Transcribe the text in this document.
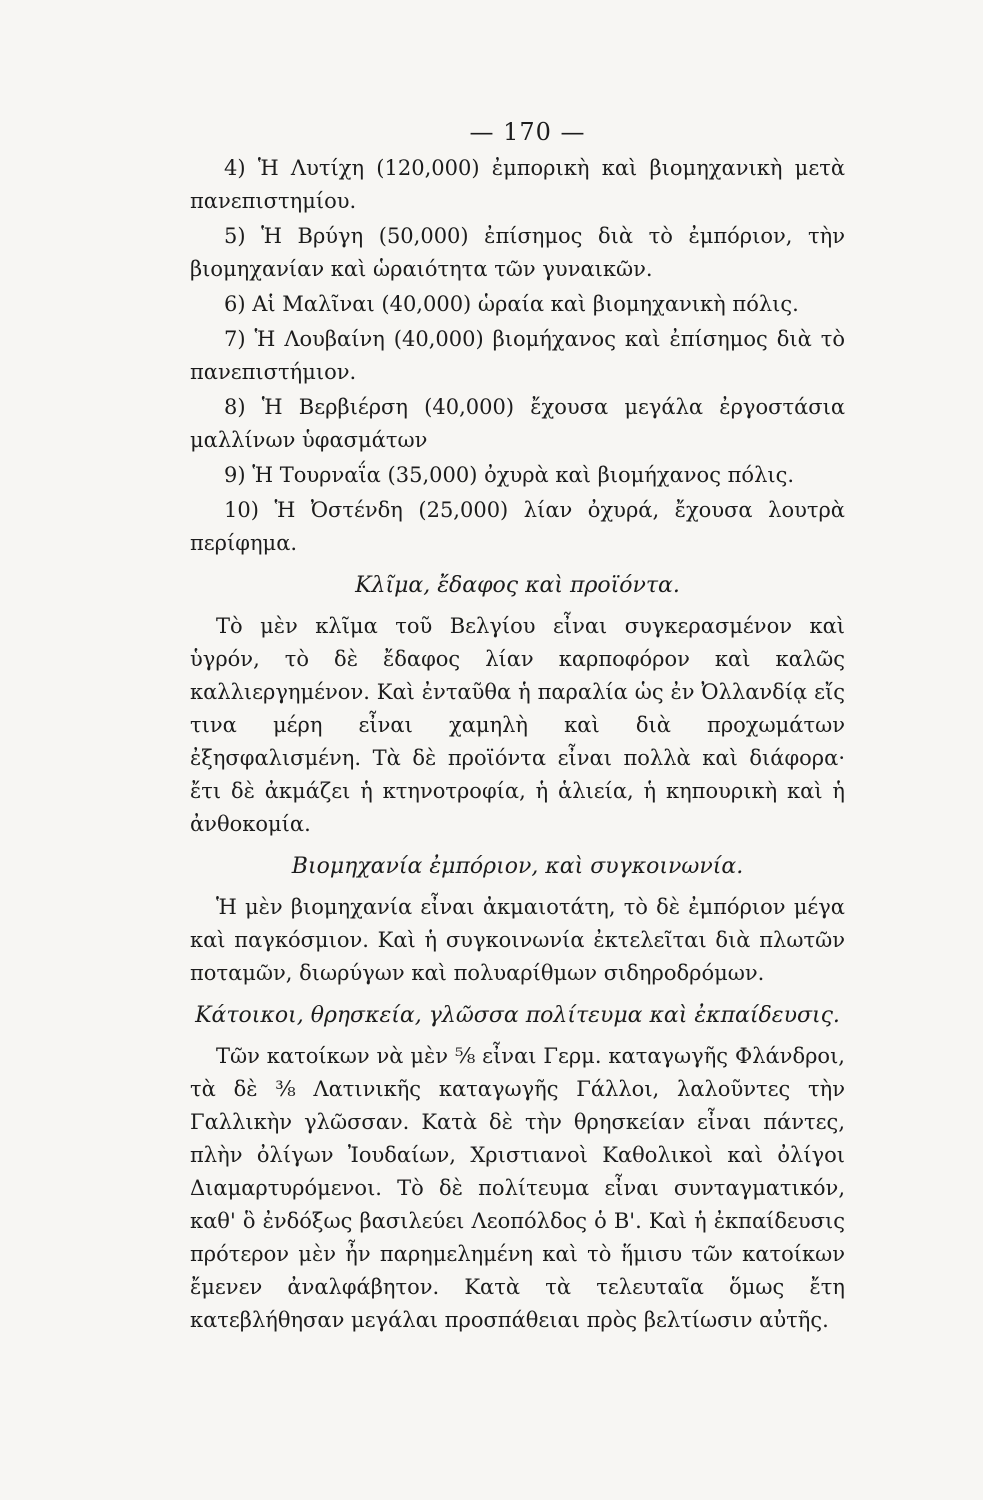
— 170 —

4) Ἡ Λυτίχη (120,000) ἐμπορικὴ καὶ βιομηχανικὴ μετὰ πανεπιστημίου.

5) Ἡ Βρύγη (50,000) ἐπίσημος διὰ τὸ ἐμπόριον, τὴν βιομηχανίαν καὶ ὡραιότητα τῶν γυναικῶν.

6) Αἱ Μαλῖναι (40,000) ὡραία καὶ βιομηχανικὴ πόλις.

7) Ἡ Λουβαίνη (40,000) βιομήχανος καὶ ἐπίσημος διὰ τὸ πανεπιστήμιον.

8) Ἡ Βερβιέρση (40,000) ἔχουσα μεγάλα ἐργοστάσια μαλλίνων ὑφασμάτων

9) Ἡ Τουρναΐα (35,000) ὀχυρὰ καὶ βιομήχανος πόλις.

10) Ἡ Ὀστένδη (25,000) λίαν ὀχυρά, ἔχουσα λουτρὰ περίφημα.

Κλῖμα, ἔδαφος καὶ προϊόντα.

Τὸ μὲν κλῖμα τοῦ Βελγίου εἶναι συγκερασμένον καὶ ὑγρόν, τὸ δὲ ἔδαφος λίαν καρποφόρον καὶ καλῶς καλλιεργημένον. Καὶ ἐνταῦθα ἡ παραλία ὡς ἐν Ὀλλανδίᾳ εἴς τινα μέρη εἶναι χαμηλὴ καὶ διὰ προχωμάτων ἐξησφαλισμένη. Τὰ δὲ προϊόντα εἶναι πολλὰ καὶ διάφορα· ἔτι δὲ ἀκμάζει ἡ κτηνοτροφία, ἡ ἁλιεία, ἡ κηπουρικὴ καὶ ἡ ἀνθοκομία.

Βιομηχανία ἐμπόριον, καὶ συγκοινωνία.

Ἡ μὲν βιομηχανία εἶναι ἀκμαιοτάτη, τὸ δὲ ἐμπόριον μέγα καὶ παγκόσμιον. Καὶ ἡ συγκοινωνία ἐκτελεῖται διὰ πλωτῶν ποταμῶν, διωρύγων καὶ πολυαρίθμων σιδηροδρόμων.

Κάτοικοι, θρησκεία, γλῶσσα πολίτευμα καὶ ἐκπαίδευσις.

Τῶν κατοίκων νὰ μὲν ⁵⁄₈ εἶναι Γερμ. καταγωγῆς Φλάνδροι, τὰ δὲ ³⁄₈ Λατινικῆς καταγωγῆς Γάλλοι, λαλοῦντες τὴν Γαλλικὴν γλῶσσαν. Κατὰ δὲ τὴν θρησκείαν εἶναι πάντες, πλὴν ὀλίγων Ἰουδαίων, Χριστιανοὶ Καθολικοὶ καὶ ὀλίγοι Διαμαρτυρόμενοι. Τὸ δὲ πολίτευμα εἶναι συνταγματικόν, καθ' ὃ ἐνδόξως βασιλεύει Λεοπόλδος ὁ Β'. Καὶ ἡ ἐκπαίδευσις πρότερον μὲν ἦν παρημελημένη καὶ τὸ ἥμισυ τῶν κατοίκων ἔμενεν ἀναλφάβητον. Κατὰ τὰ τελευταῖα ὅμως ἔτη κατεβλήθησαν μεγάλαι προσπάθειαι πρὸς βελτίωσιν αὐτῆς.
